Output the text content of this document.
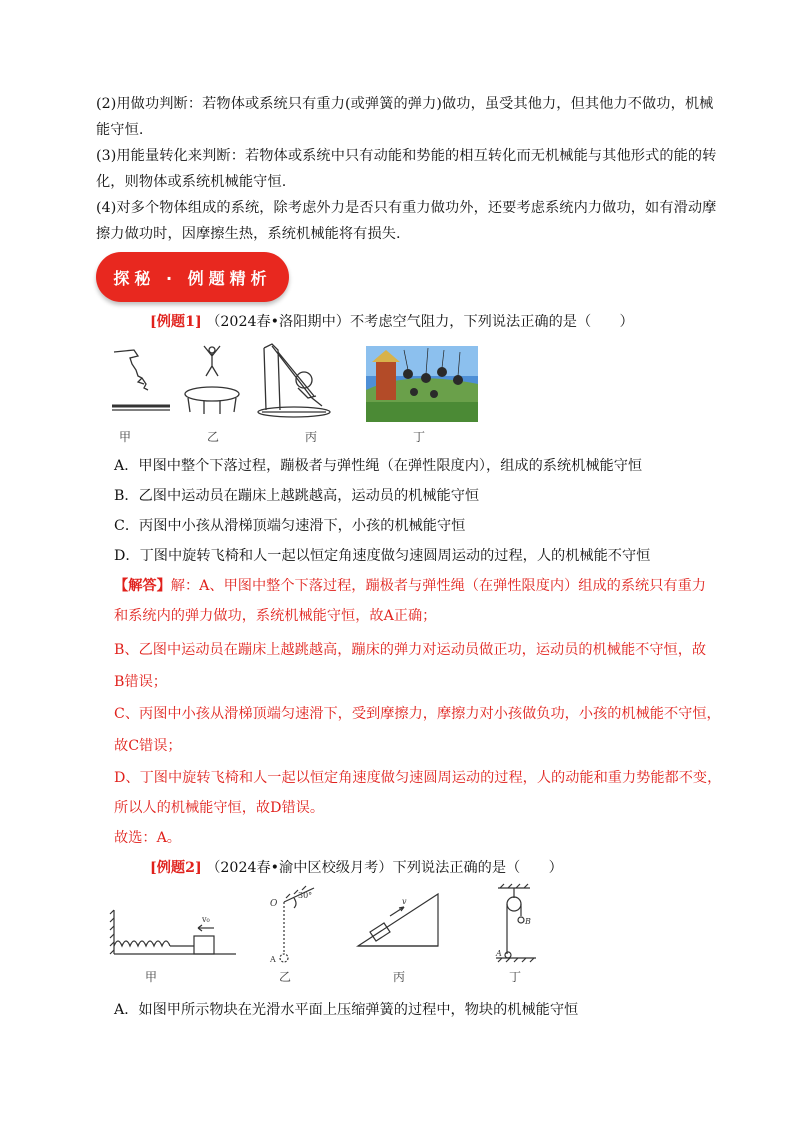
(2)用做功判断：若物体或系统只有重力(或弹簧的弹力)做功，虽受其他力，但其他力不做功，机械
能守恒.
(3)用能量转化来判断：若物体或系统中只有动能和势能的相互转化而无机械能与其他形式的能的转
化，则物体或系统机械能守恒.
(4)对多个物体组成的系统，除考虑外力是否只有重力做功外，还要考虑系统内力做功，如有滑动摩
擦力做功时，因摩擦生热，系统机械能将有损失.
探秘 · 例题精析
[例题1] （2024春•洛阳期中）不考虑空气阻力，下列说法正确的是（　　）
甲	乙	丙	丁
A．甲图中整个下落过程，蹦极者与弹性绳（在弹性限度内），组成的系统机械能守恒
B．乙图中运动员在蹦床上越跳越高，运动员的机械能守恒
C．丙图中小孩从滑梯顶端匀速滑下，小孩的机械能守恒
D．丁图中旋转飞椅和人一起以恒定角速度做匀速圆周运动的过程，人的机械能不守恒
【解答】解：A、甲图中整个下落过程，蹦极者与弹性绳（在弹性限度内）组成的系统只有重力
和系统内的弹力做功，系统机械能守恒，故A正确；
B、乙图中运动员在蹦床上越跳越高，蹦床的弹力对运动员做正功，运动员的机械能不守恒，故
B错误；
C、丙图中小孩从滑梯顶端匀速滑下，受到摩擦力，摩擦力对小孩做负功，小孩的机械能不守恒，
故C错误；
D、丁图中旋转飞椅和人一起以恒定角速度做匀速圆周运动的过程，人的动能和重力势能都不变，
所以人的机械能守恒，故D错误。
故选：A。
[例题2] （2024春•渝中区校级月考）下列说法正确的是（　　）
v₀
O
30°
A
v
B
A
甲	乙	丙	丁
A．如图甲所示物块在光滑水平面上压缩弹簧的过程中，物块的机械能守恒
